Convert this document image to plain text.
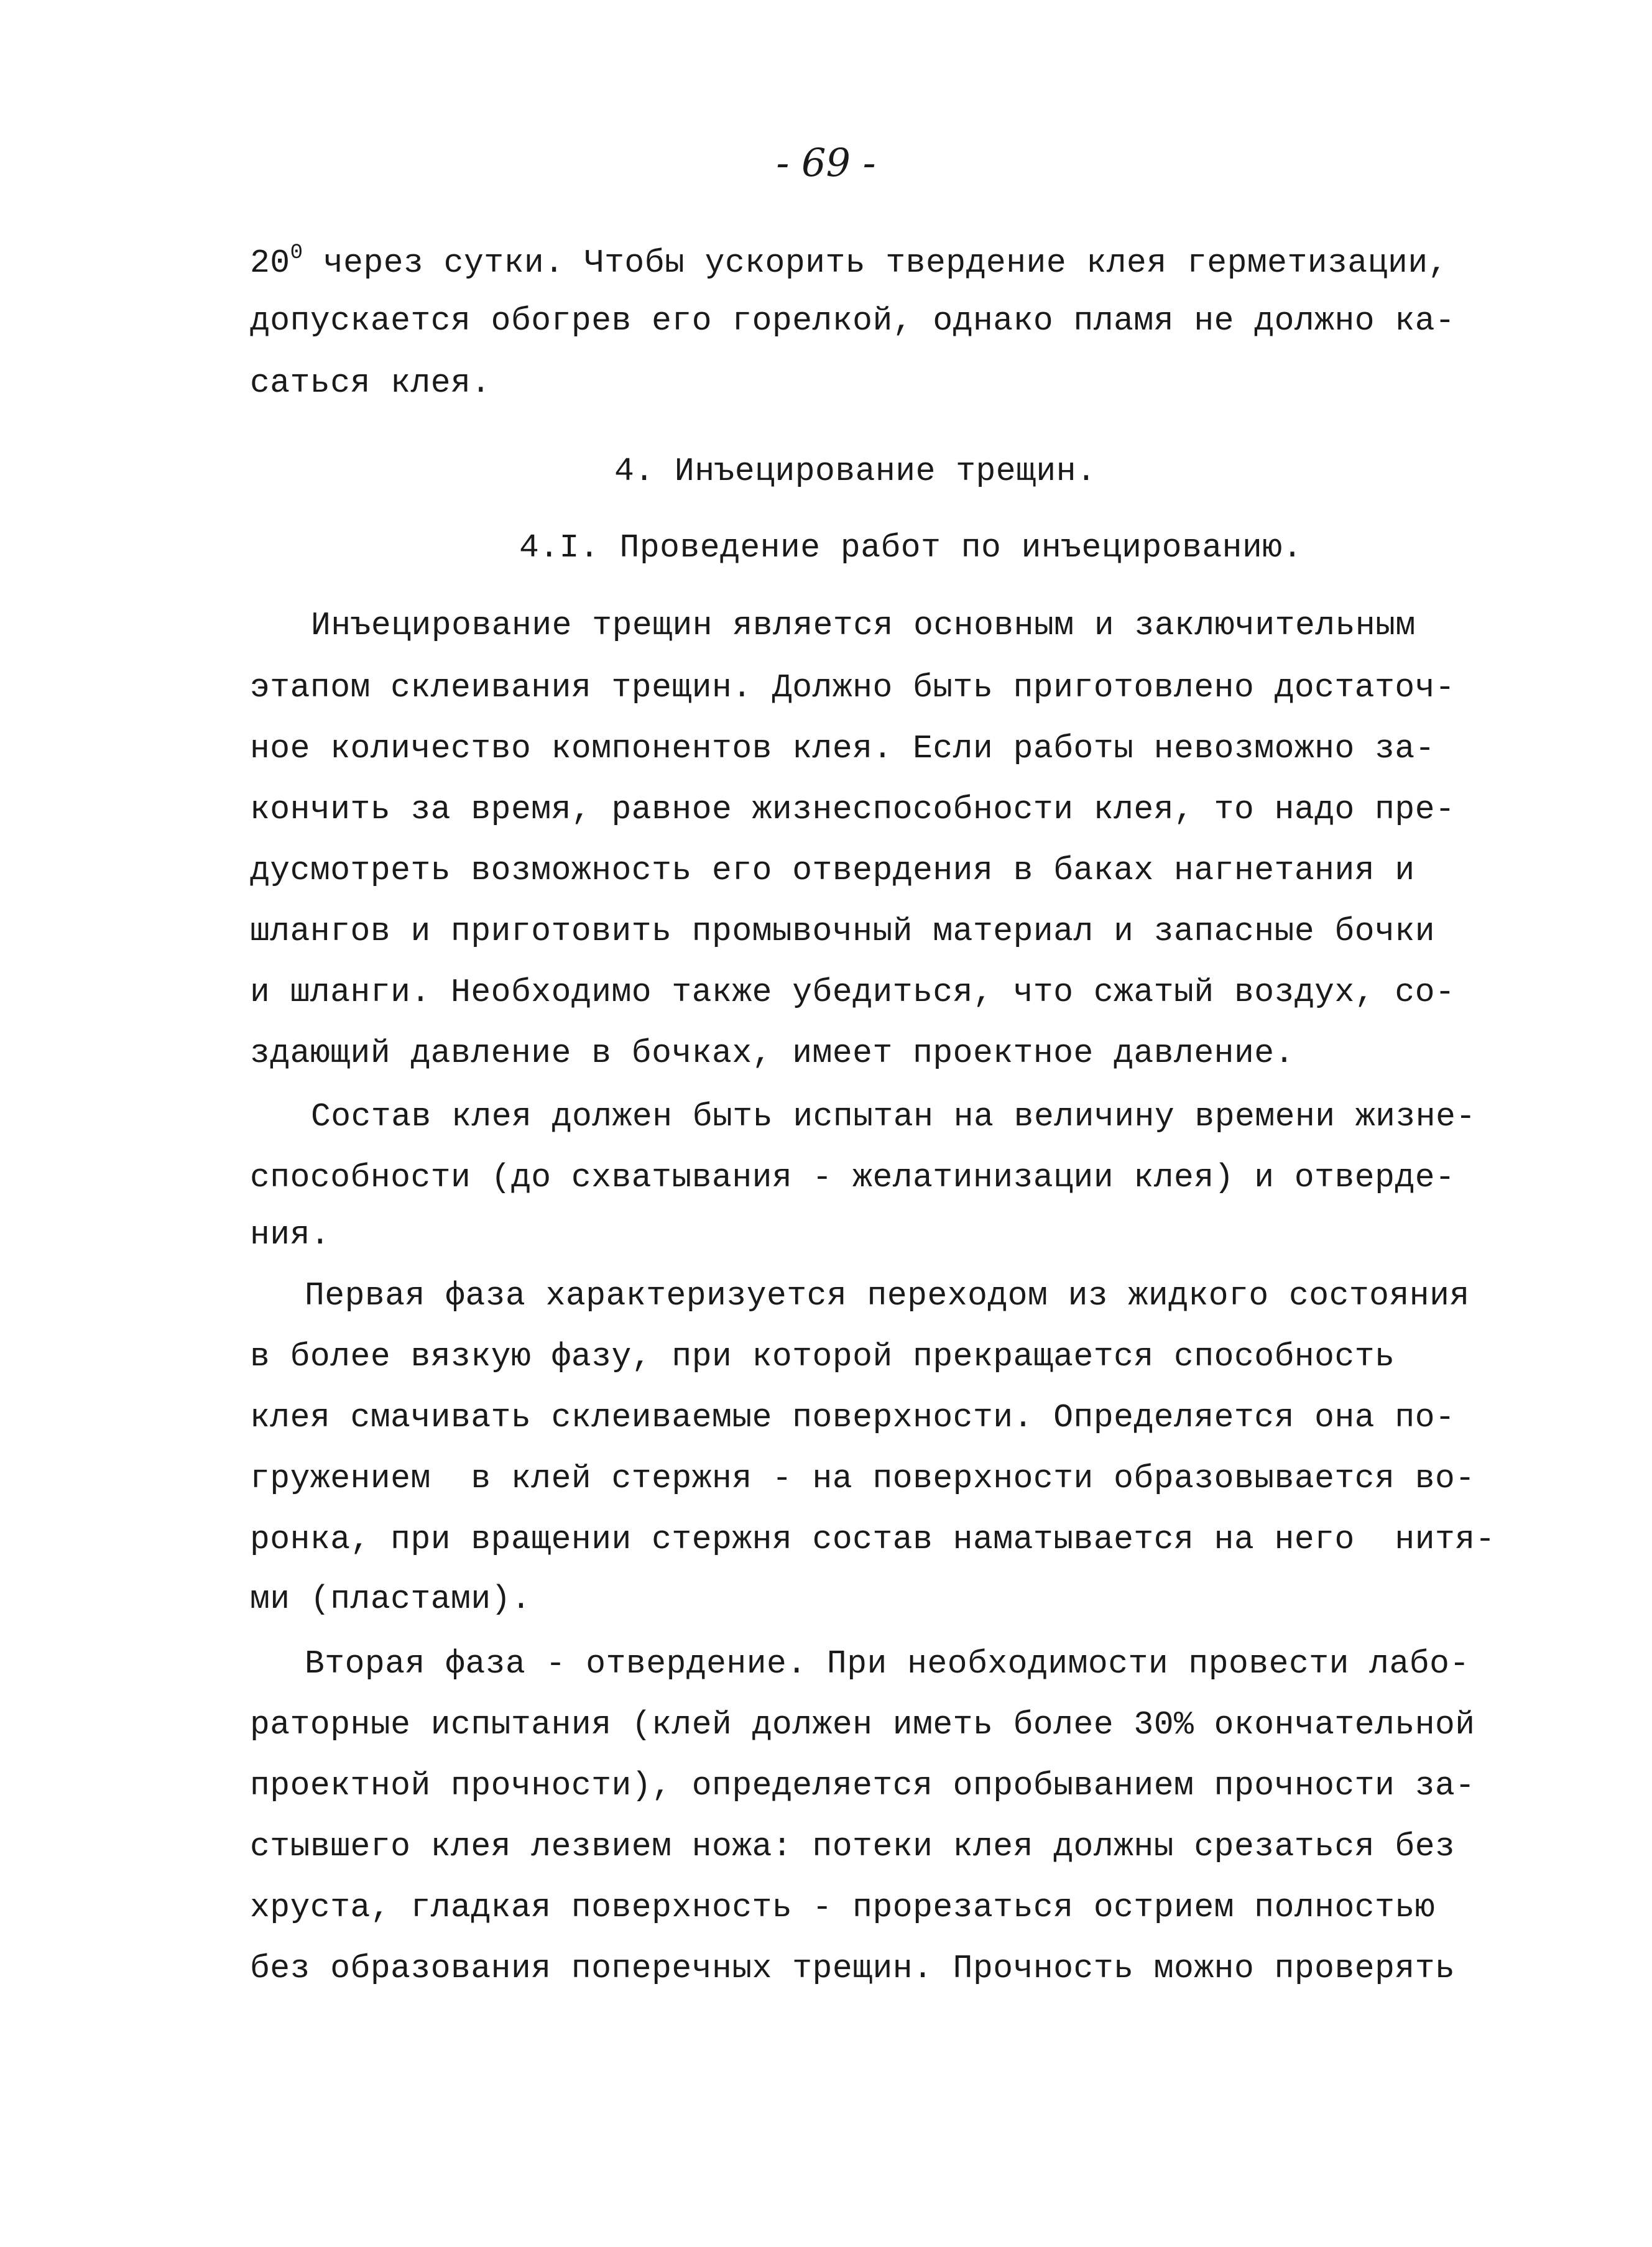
- 69 -
$20^0$ через сутки. Чтобы ускорить твердение клея герметизации,
допускается обогрев его горелкой, однако пламя не должно ка-
саться клея.
4. Инъецирование трещин.
4.I. Проведение работ по инъецированию.
Инъецирование трещин является основным и заключительным
этапом склеивания трещин. Должно быть приготовлено достаточ-
ное количество компонентов клея. Если работы невозможно за-
кончить за время, равное жизнеспособности клея, то надо пре-
дусмотреть возможность его отвердения в баках нагнетания и
шлангов и приготовить промывочный материал и запасные бочки
и шланги. Необходимо также убедиться, что сжатый воздух, со-
здающий давление в бочках, имеет проектное давление.
Состав клея должен быть испытан на величину времени жизне-
способности (до схватывания - желатинизации клея) и отверде-
ния.
Первая фаза характеризуется переходом из жидкого состояния
в более вязкую фазу, при которой прекращается способность
клея смачивать склеиваемые поверхности. Определяется она по-
гружением  в клей стержня - на поверхности образовывается во-
ронка, при вращении стержня состав наматывается на него  нитя-
ми (пластами).
Вторая фаза - отвердение. При необходимости провести лабо-
раторные испытания (клей должен иметь более 30% окончательной
проектной прочности), определяется опробыванием прочности за-
стывшего клея лезвием ножа: потеки клея должны срезаться без
хруста, гладкая поверхность - прорезаться острием полностью
без образования поперечных трещин. Прочность можно проверять
